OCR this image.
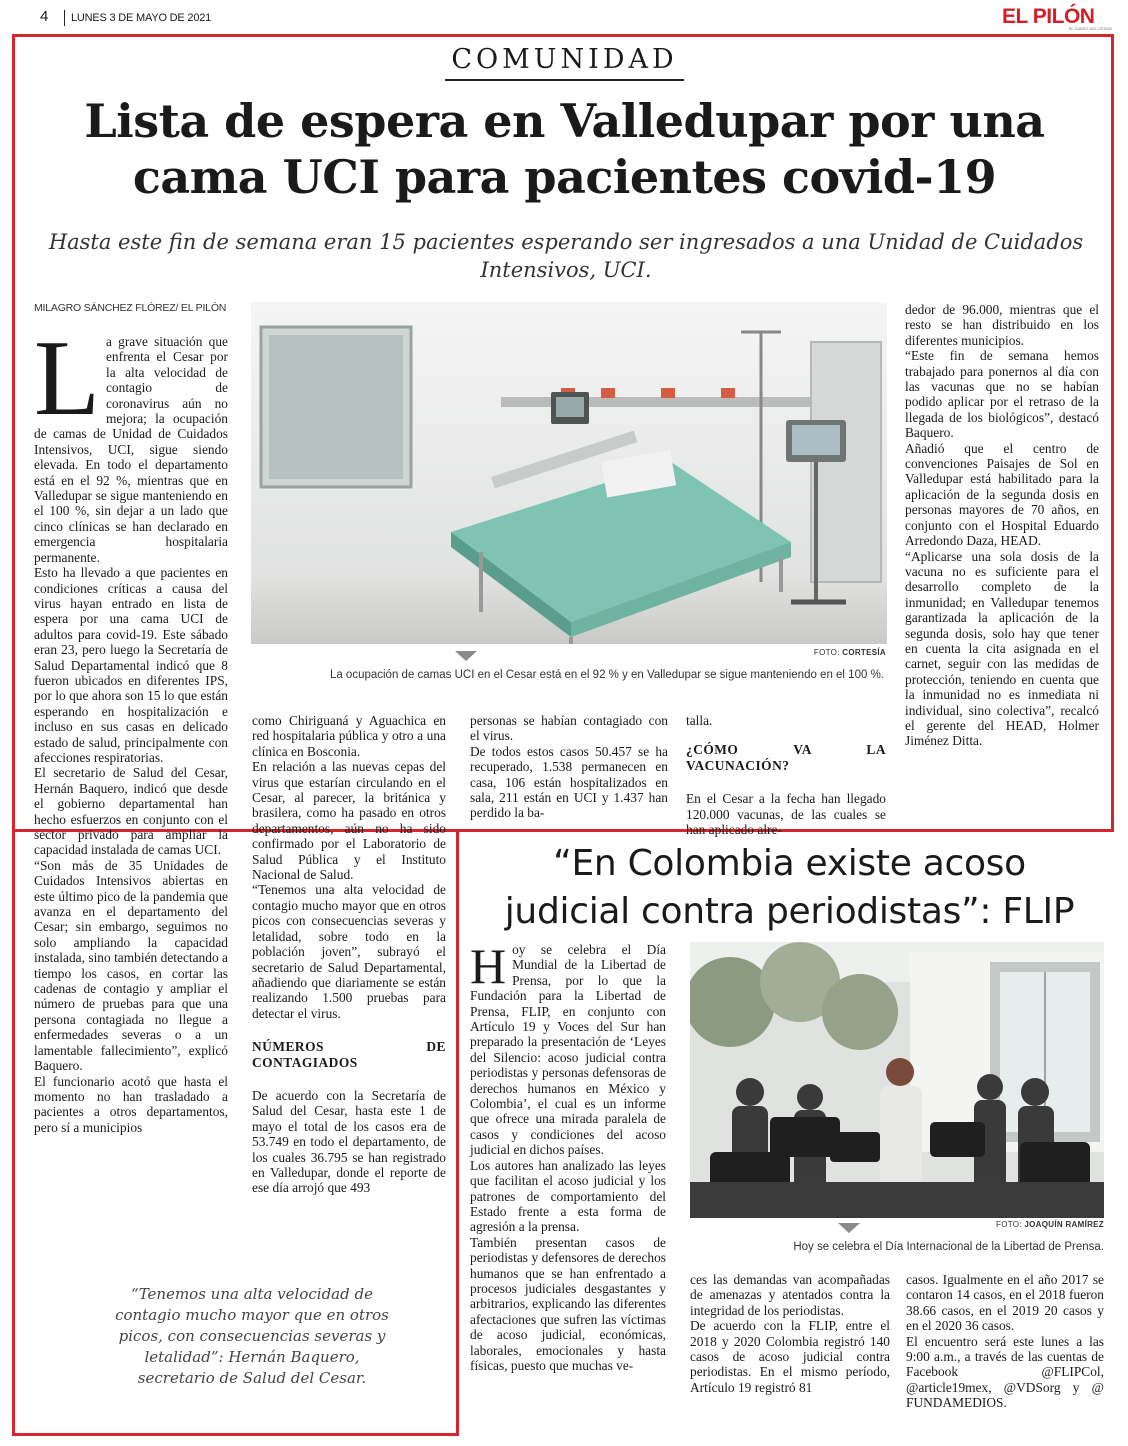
4 LUNES 3 DE MAYO DE 2021	EL PILÓN
EL DIARIO DEL CESAR
COMUNIDAD
Lista de espera en Valledupar por una
cama UCI para pacientes covid-19
Hasta este fin de semana eran 15 pacientes esperando ser ingresados a una Unidad de Cuidados Intensivos, UCI.
MILAGRO SÁNCHEZ FLÓREZ/ EL PILÓN
L a grave situación que enfrenta el Cesar por la alta velocidad de contagio de coronavirus aún no mejora; la ocupación de camas de Unidad de Cuidados Intensivos, UCI, sigue siendo elevada. En todo el departamento está en el 92 %, mientras que en Valledupar se sigue manteniendo en el 100 %, sin dejar a un lado que cinco clínicas se han declarado en emergencia hospitalaria permanente.

Esto ha llevado a que pacientes en condiciones críticas a causa del virus hayan entrado en lista de espera por una cama UCI de adultos para covid-19. Este sábado eran 23, pero luego la Secretaría de Salud Departamental indicó que 8 fueron ubicados en diferentes IPS, por lo que ahora son 15 lo que están esperando en hospitalización e incluso en sus casas en delicado estado de salud, principalmente con afecciones respiratorias.

El secretario de Salud del Cesar, Hernán Baquero, indicó que desde el gobierno departamental han hecho esfuerzos en conjunto con el sector privado para ampliar la capacidad instalada de camas UCI.

“Son más de 35 Unidades de Cuidados Intensivos abiertas en este último pico de la pandemia que avanza en el departamento del Cesar; sin embargo, seguimos no solo ampliando la capacidad instalada, sino también detectando a tiempo los casos, en cortar las cadenas de contagio y ampliar el número de pruebas para que una persona contagiada no llegue a enfermedades severas o a un lamentable fallecimiento”, explicó Baquero.

El funcionario acotó que hasta el momento no han trasladado a pacientes a otros departamentos, pero sí a municipios

FOTO: CORTESÍA
La ocupación de camas UCI en el Cesar está en el 92 % y en Valledupar se sigue manteniendo en el 100 %.

como Chiriguaná y Aguachica en red hospitalaria pública y otro a una clínica en Bosconia.

En relación a las nuevas cepas del virus que estarían circulando en el Cesar, al parecer, la británica y brasilera, como ha pasado en otros departamentos, aún no ha sido confirmado por el Laboratorio de Salud Pública y el Instituto Nacional de Salud.

“Tenemos una alta velocidad de contagio mucho mayor que en otros picos con consecuencias severas y letalidad, sobre todo en la población joven”, subrayó el secretario de Salud Departamental, añadiendo que diariamente se están realizando 1.500 pruebas para detectar el virus.

NÚMEROS DE CONTAGIADOS

De acuerdo con la Secretaría de Salud del Cesar, hasta este 1 de mayo el total de los casos era de 53.749 en todo el departamento, de los cuales 36.795 se han registrado en Valledupar, donde el reporte de ese día arrojó que 493

personas se habían contagiado con el virus.

De todos estos casos 50.457 se ha recuperado, 1.538 permanecen en casa, 106 están hospitalizados en sala, 211 están en UCI y 1.437 han perdido la ba-

talla.

¿CÓMO VA LA VACUNACIÓN?

En el Cesar a la fecha han llegado 120.000 vacunas, de las cuales se han aplicado alre-

dedor de 96.000, mientras que el resto se han distribuido en los diferentes municipios.

“Este fin de semana hemos trabajado para ponernos al día con las vacunas que no se habían podido aplicar por el retraso de la llegada de los biológicos”, destacó Baquero.

Añadió que el centro de convenciones Paisajes de Sol en Valledupar está habilitado para la aplicación de la segunda dosis en personas mayores de 70 años, en conjunto con el Hospital Eduardo Arredondo Daza, HEAD.

“Aplicarse una sola dosis de la vacuna no es suficiente para el desarrollo completo de la inmunidad; en Valledupar tenemos garantizada la aplicación de la segunda dosis, solo hay que tener en cuenta la cita asignada en el carnet, seguir con las medidas de protección, teniendo en cuenta que la inmunidad no es inmediata ni individual, sino colectiva”, recalcó el gerente del HEAD, Holmer Jiménez Ditta.

“Tenemos una alta velocidad de contagio mucho mayor que en otros picos, con consecuencias severas y letalidad”: Hernán Baquero, secretario de Salud del Cesar.
“En Colombia existe acoso
judicial contra periodistas”: FLIP
H oy se celebra el Día Mundial de la Libertad de Prensa, por lo que la Fundación para la Libertad de Prensa, FLIP, en conjunto con Artículo 19 y Voces del Sur han preparado la presentación de ‘Leyes del Silencio: acoso judicial contra periodistas y personas defensoras de derechos humanos en México y Colombia’, el cual es un informe que ofrece una mirada paralela de casos y condiciones del acoso judicial en dichos países.

Los autores han analizado las leyes que facilitan el acoso judicial y los patrones de comportamiento del Estado frente a esta forma de agresión a la prensa.

También presentan casos de periodistas y defensores de derechos humanos que se han enfrentado a procesos judiciales desgastantes y arbitrarios, explicando las diferentes afectaciones que sufren las víctimas de acoso judicial, económicas, laborales, emocionales y hasta físicas, puesto que muchas ve-

FOTO: JOAQUÍN RAMÍREZ
Hoy se celebra el Día Internacional de la Libertad de Prensa.

ces las demandas van acompañadas de amenazas y atentados contra la integridad de los periodistas.

De acuerdo con la FLIP, entre el 2018 y 2020 Colombia registró 140 casos de acoso judicial contra periodistas. En el mismo período, Artículo 19 registró 81

casos. Igualmente en el año 2017 se contaron 14 casos, en el 2018 fueron 38.66 casos, en el 2019 20 casos y en el 2020 36 casos.

El encuentro será este lunes a las 9:00 a.m., a través de las cuentas de Facebook @FLIPCol, @article19mex, @VDSorg y @ FUNDAMEDIOS.
